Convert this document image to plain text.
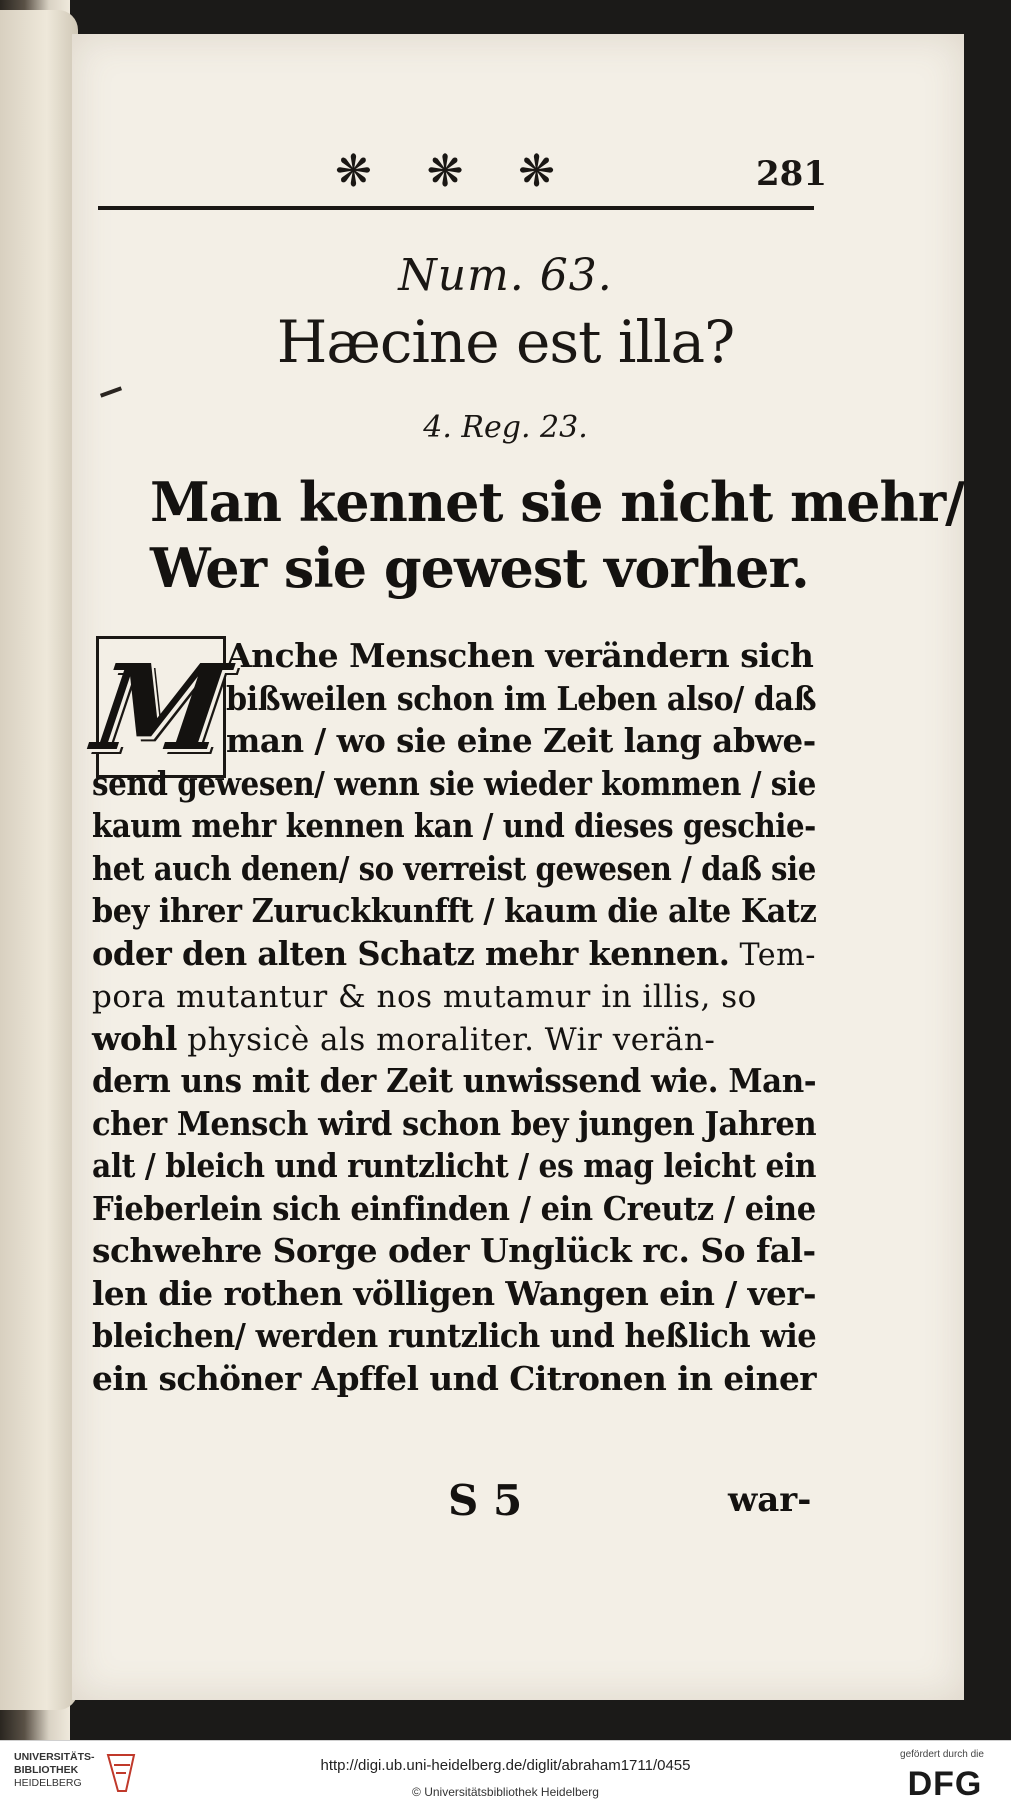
❋ ❋ ❋	281
Num. 63.
Hæcine est illa?
4. Reg. 23.
Man kennet sie nicht mehr/
Wer sie gewest vorher.
M
Anche Menschen verändern sich
bißweilen schon im Leben also/ daß
man / wo sie eine Zeit lang abwe-
send gewesen/ wenn sie wieder kommen / sie
kaum mehr kennen kan / und dieses geschie-
het auch denen/ so verreist gewesen / daß sie
bey ihrer Zuruckkunfft / kaum die alte Katz
oder den alten Schatz mehr kennen. Tem-
pora mutantur & nos mutamur in illis, so
wohl physicè als moraliter. Wir verän-
dern uns mit der Zeit unwissend wie. Man-
cher Mensch wird schon bey jungen Jahren
alt / bleich und runtzlicht / es mag leicht ein
Fieberlein sich einfinden / ein Creutz / eine
schwehre Sorge oder Unglück rc. So fal-
len die rothen völligen Wangen ein / ver-
bleichen/ werden runtzlich und heßlich wie
ein schöner Apffel und Citronen in einer
S 5	war-
UNIVERSITÄTS-
BIBLIOTHEK
HEIDELBERG
http://digi.ub.uni-heidelberg.de/diglit/abraham1711/0455
© Universitätsbibliothek Heidelberg
gefördert durch die
DFG
